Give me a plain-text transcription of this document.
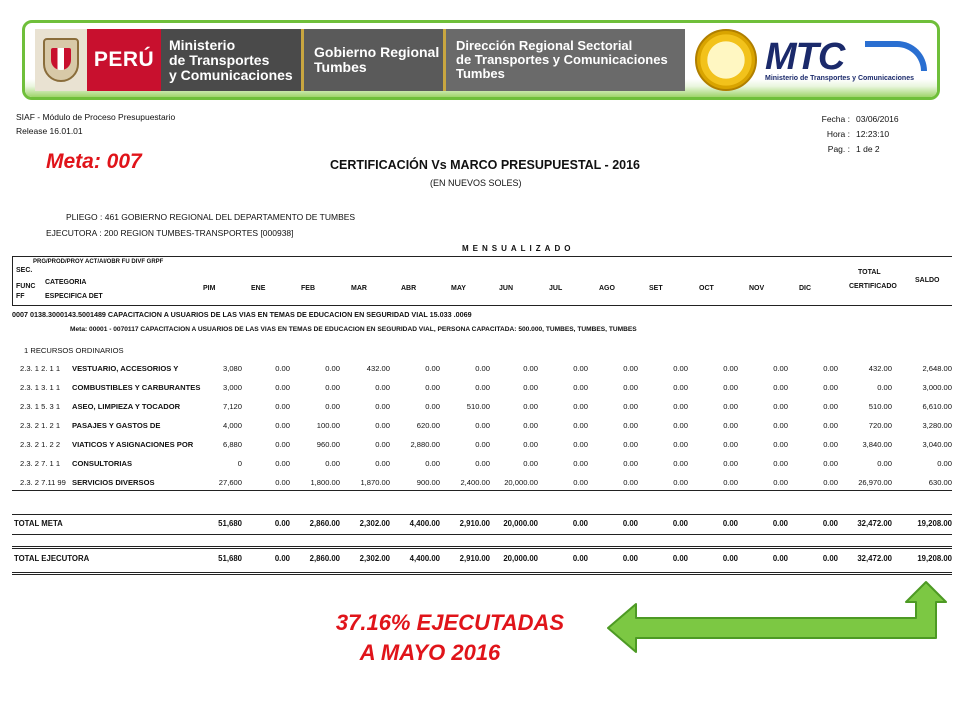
PERÚ
Ministerio
de Transportes
y Comunicaciones
Gobierno Regional
Tumbes
Dirección Regional Sectorial
de Transportes y Comunicaciones
Tumbes	MTC
Ministerio de Transportes y Comunicaciones
SIAF - Módulo de Proceso Presupuestario
Release 16.01.01
Meta: 007	CERTIFICACIÓN Vs MARCO PRESUPUESTAL - 2016
(EN NUEVOS SOLES)
Fecha : 03/06/2016
Hora : 12:23:10
Pag. : 1 de 2
PLIEGO : 461 GOBIERNO REGIONAL DEL DEPARTAMENTO DE TUMBES
EJECUTORA : 200 REGION TUMBES-TRANSPORTES [000938]
MENSUALIZADO
PRG/PROD/PROY ACT/AI/OBR FU DIVF GRPF
SEC.
CATEGORIA
FUNC
FF	ESPECIFICA DET
PIM	ENE	FEB	MAR	ABR	MAY	JUN	JUL	AGO	SET	OCT	NOV	DIC
TOTAL
CERTIFICADO
SALDO
0007 0138.3000143.5001489 CAPACITACION A USUARIOS DE LAS VIAS EN TEMAS DE EDUCACION EN SEGURIDAD VIAL 15.033 .0069
Meta: 00001 - 0070117 CAPACITACION A USUARIOS DE LAS VIAS EN TEMAS DE EDUCACION EN SEGURIDAD VIAL, PERSONA CAPACITADA: 500.000, TUMBES, TUMBES, TUMBES
1 RECURSOS ORDINARIOS
2.3. 1 2. 1 1 VESTUARIO, ACCESORIOS Y	3,080	0.00	0.00	432.00	0.00	0.00	0.00	0.00	0.00	0.00	0.00	0.00	0.00	432.00	2,648.00
2.3. 1 3. 1 1 COMBUSTIBLES Y CARBURANTES	3,000	0.00	0.00	0.00	0.00	0.00	0.00	0.00	0.00	0.00	0.00	0.00	0.00	0.00	3,000.00
2.3. 1 5. 3 1 ASEO, LIMPIEZA Y TOCADOR	7,120	0.00	0.00	0.00	0.00	510.00	0.00	0.00	0.00	0.00	0.00	0.00	0.00	510.00	6,610.00
2.3. 2 1. 2 1 PASAJES Y GASTOS DE	4,000	0.00	100.00	0.00	620.00	0.00	0.00	0.00	0.00	0.00	0.00	0.00	0.00	720.00	3,280.00
2.3. 2 1. 2 2 VIATICOS Y ASIGNACIONES POR	6,880	0.00	960.00	0.00	2,880.00	0.00	0.00	0.00	0.00	0.00	0.00	0.00	0.00	3,840.00	3,040.00
2.3. 2 7. 1 1 CONSULTORIAS	0	0.00	0.00	0.00	0.00	0.00	0.00	0.00	0.00	0.00	0.00	0.00	0.00	0.00	0.00
2.3. 2 7.11 99 SERVICIOS DIVERSOS	27,600	0.00	1,800.00	1,870.00	900.00	2,400.00	20,000.00	0.00	0.00	0.00	0.00	0.00	0.00	26,970.00	630.00
TOTAL META	51,680	0.00	2,860.00	2,302.00	4,400.00	2,910.00	20,000.00	0.00	0.00	0.00	0.00	0.00	0.00	32,472.00	19,208.00
TOTAL EJECUTORA	51,680	0.00	2,860.00	2,302.00	4,400.00	2,910.00	20,000.00	0.00	0.00	0.00	0.00	0.00	0.00	32,472.00	19,208.00
37.16% EJECUTADAS
A MAYO 2016
